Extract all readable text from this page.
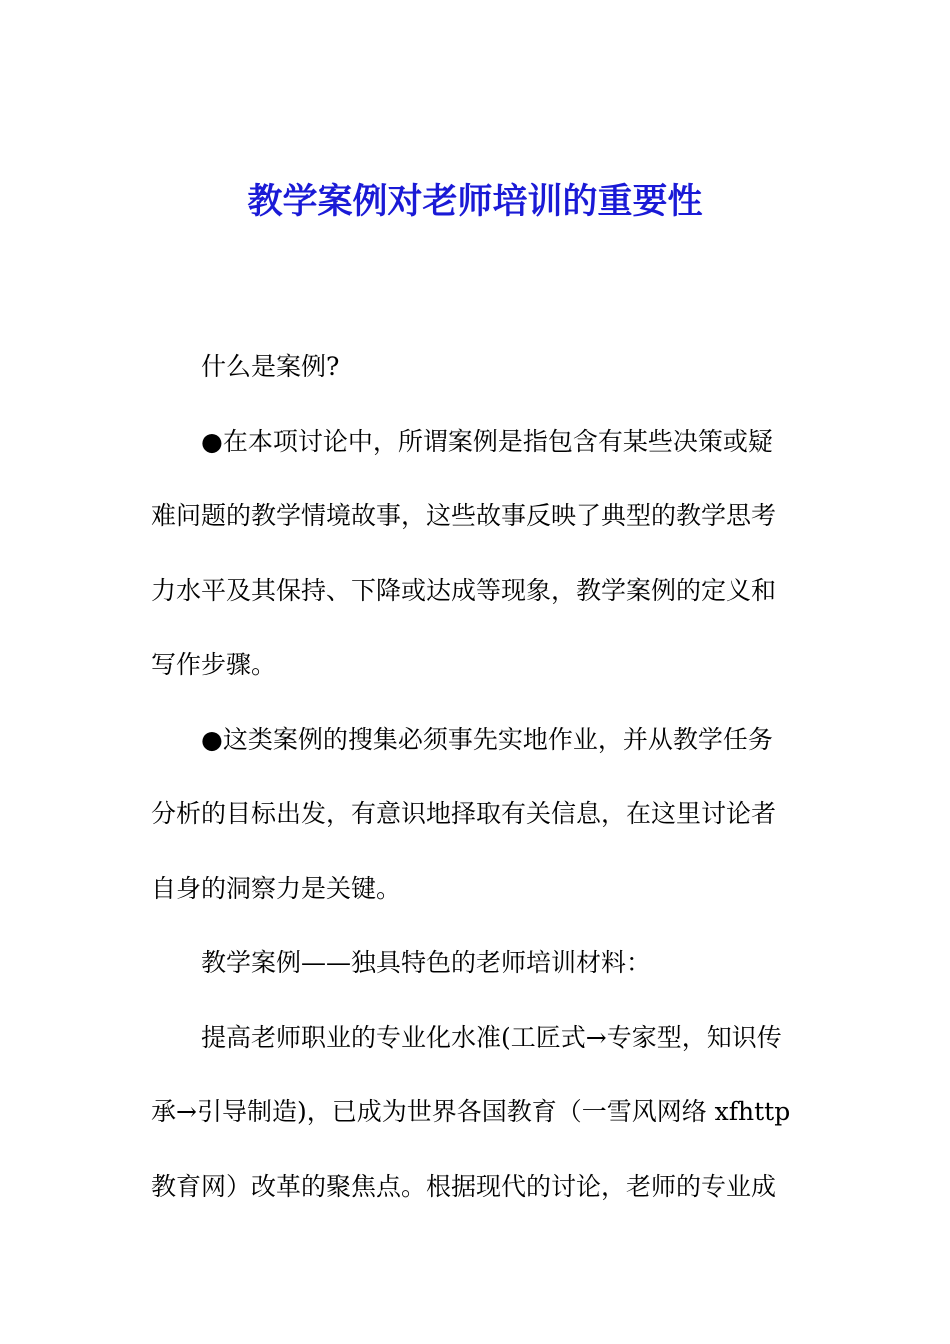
教学案例对老师培训的重要性

什么是案例?

●在本项讨论中，所谓案例是指包含有某些决策或疑
难问题的教学情境故事，这些故事反映了典型的教学思考
力水平及其保持、下降或达成等现象，教学案例的定义和
写作步骤。

●这类案例的搜集必须事先实地作业，并从教学任务
分析的目标出发，有意识地择取有关信息，在这里讨论者
自身的洞察力是关键。

教学案例——独具特色的老师培训材料：

提高老师职业的专业化水准(工匠式→专家型，知识传
承→引导制造)，已成为世界各国教育（一雪风网络 xfhttp
教育网）改革的聚焦点。根据现代的讨论，老师的专业成
